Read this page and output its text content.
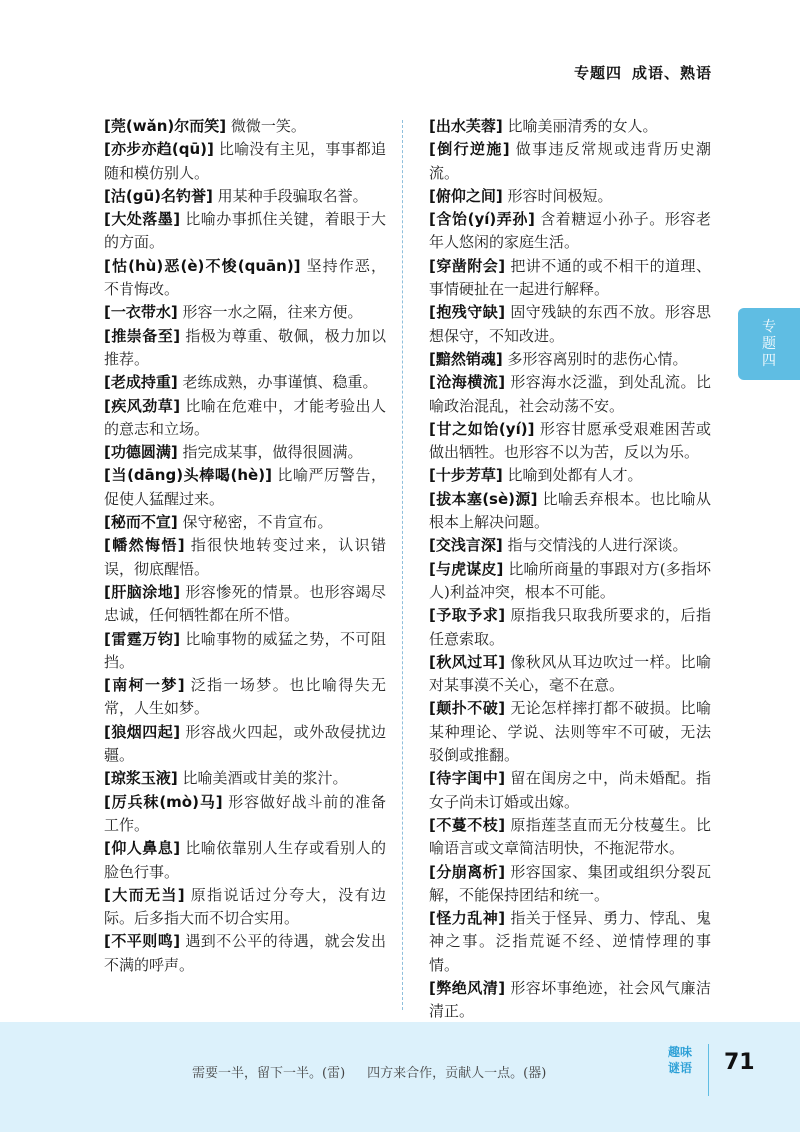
专题四 成语、熟语

[莞(wǎn)尔而笑] 微微一笑。

[亦步亦趋(qū)] 比喻没有主见，事事都追随和模仿别人。

[沽(gū)名钓誉] 用某种手段骗取名誉。

[大处落墨] 比喻办事抓住关键，着眼于大的方面。

[怙(hù)恶(è)不悛(quān)] 坚持作恶，不肯悔改。

[一衣带水] 形容一水之隔，往来方便。

[推崇备至] 指极为尊重、敬佩，极力加以推荐。

[老成持重] 老练成熟，办事谨慎、稳重。

[疾风劲草] 比喻在危难中，才能考验出人的意志和立场。

[功德圆满] 指完成某事，做得很圆满。

[当(dāng)头棒喝(hè)] 比喻严厉警告，促使人猛醒过来。

[秘而不宣] 保守秘密，不肯宣布。

[幡然悔悟] 指很快地转变过来，认识错误，彻底醒悟。

[肝脑涂地] 形容惨死的情景。也形容竭尽忠诚，任何牺牲都在所不惜。

[雷霆万钧] 比喻事物的威猛之势，不可阻挡。

[南柯一梦] 泛指一场梦。也比喻得失无常，人生如梦。

[狼烟四起] 形容战火四起，或外敌侵扰边疆。

[琼浆玉液] 比喻美酒或甘美的浆汁。

[厉兵秣(mò)马] 形容做好战斗前的准备工作。

[仰人鼻息] 比喻依靠别人生存或看别人的脸色行事。

[大而无当] 原指说话过分夸大，没有边际。后多指大而不切合实用。

[不平则鸣] 遇到不公平的待遇，就会发出不满的呼声。

[出水芙蓉] 比喻美丽清秀的女人。

[倒行逆施] 做事违反常规或违背历史潮流。

[俯仰之间] 形容时间极短。

[含饴(yí)弄孙] 含着糖逗小孙子。形容老年人悠闲的家庭生活。

[穿凿附会] 把讲不通的或不相干的道理、事情硬扯在一起进行解释。

[抱残守缺] 固守残缺的东西不放。形容思想保守，不知改进。

[黯然销魂] 多形容离别时的悲伤心情。

[沧海横流] 形容海水泛滥，到处乱流。比喻政治混乱，社会动荡不安。

[甘之如饴(yí)] 形容甘愿承受艰难困苦或做出牺牲。也形容不以为苦，反以为乐。

[十步芳草] 比喻到处都有人才。

[拔本塞(sè)源] 比喻丢弃根本。也比喻从根本上解决问题。

[交浅言深] 指与交情浅的人进行深谈。

[与虎谋皮] 比喻所商量的事跟对方(多指坏人)利益冲突，根本不可能。

[予取予求] 原指我只取我所要求的，后指任意索取。

[秋风过耳] 像秋风从耳边吹过一样。比喻对某事漠不关心，毫不在意。

[颠扑不破] 无论怎样摔打都不破损。比喻某种理论、学说、法则等牢不可破，无法驳倒或推翻。

[待字闺中] 留在闺房之中，尚未婚配。指女子尚未订婚或出嫁。

[不蔓不枝] 原指莲茎直而无分枝蔓生。比喻语言或文章简洁明快，不拖泥带水。

[分崩离析] 形容国家、集团或组织分裂瓦解，不能保持团结和统一。

[怪力乱神] 指关于怪异、勇力、悖乱、鬼神之事。泛指荒诞不经、逆情悖理的事情。

[弊绝风清] 形容坏事绝迹，社会风气廉洁清正。

专题四
需要一半，留下一半。(雷) 四方来合作，贡献人一点。(器)
趣味
谜语	71
